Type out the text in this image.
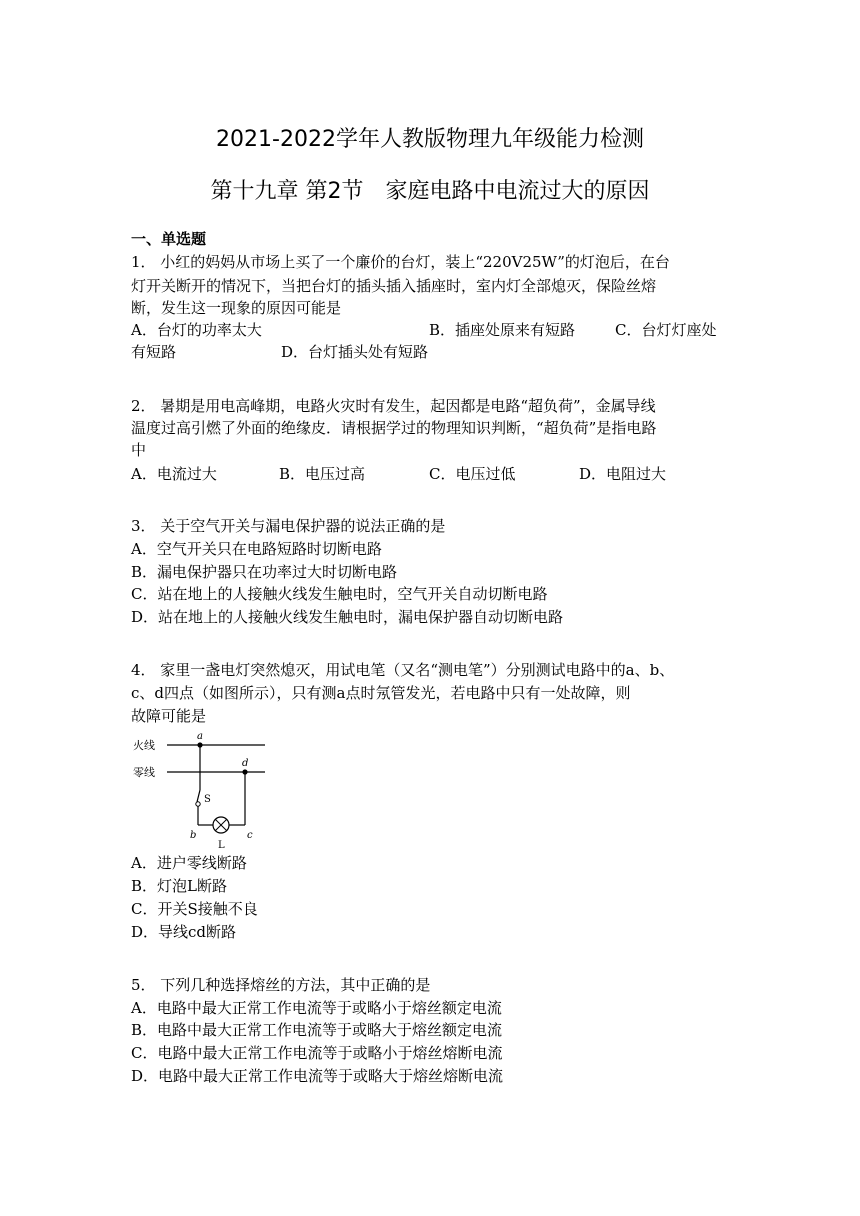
2021-2022学年人教版物理九年级能力检测
第十九章 第2节　家庭电路中电流过大的原因
一、单选题
1． 小红的妈妈从市场上买了一个廉价的台灯，装上“220V25W”的灯泡后，在台
灯开关断开的情况下，当把台灯的插头插入插座时，室内灯全部熄灭，保险丝熔
断，发生这一现象的原因可能是
A．台灯的功率太大	B．插座处原来有短路	C．台灯灯座处
有短路	D．台灯插头处有短路
2． 暑期是用电高峰期，电路火灾时有发生，起因都是电路“超负荷”，金属导线
温度过高引燃了外面的绝缘皮．请根据学过的物理知识判断，“超负荷”是指电路
中
A．电流过大	B．电压过高	C．电压过低	D．电阻过大
3． 关于空气开关与漏电保护器的说法正确的是
A．空气开关只在电路短路时切断电路
B．漏电保护器只在功率过大时切断电路
C．站在地上的人接触火线发生触电时，空气开关自动切断电路
D．站在地上的人接触火线发生触电时，漏电保护器自动切断电路
4． 家里一盏电灯突然熄灭，用试电笔（又名“测电笔”）分别测试电路中的a、b、
c、d四点（如图所示），只有测a点时氖管发光，若电路中只有一处故障，则
故障可能是
火线
零线
a
S
L
d
b	c
A．进户零线断路
B．灯泡L断路
C．开关S接触不良
D．导线cd断路
5． 下列几种选择熔丝的方法，其中正确的是
A．电路中最大正常工作电流等于或略小于熔丝额定电流
B．电路中最大正常工作电流等于或略大于熔丝额定电流
C．电路中最大正常工作电流等于或略小于熔丝熔断电流
D．电路中最大正常工作电流等于或略大于熔丝熔断电流
